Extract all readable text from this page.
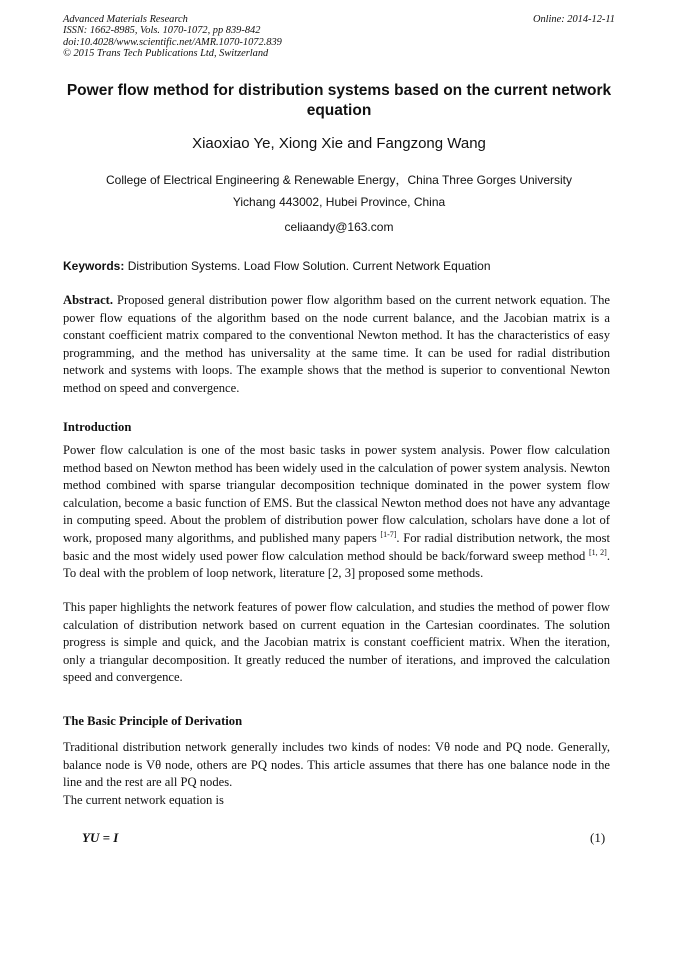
Advanced Materials Research
ISSN: 1662-8985, Vols. 1070-1072, pp 839-842
doi:10.4028/www.scientific.net/AMR.1070-1072.839
© 2015 Trans Tech Publications Ltd, Switzerland
Online: 2014-12-11
Power flow method for distribution systems based on the current network equation
Xiaoxiao Ye, Xiong Xie and Fangzong Wang
College of Electrical Engineering & Renewable Energy，China Three Gorges University
Yichang 443002, Hubei Province, China
celiaandy@163.com
Keywords: Distribution Systems. Load Flow Solution. Current Network Equation
Abstract. Proposed general distribution power flow algorithm based on the current network equation. The power flow equations of the algorithm based on the node current balance, and the Jacobian matrix is a constant coefficient matrix compared to the conventional Newton method. It has the characteristics of easy programming, and the method has universality at the same time. It can be used for radial distribution network and systems with loops. The example shows that the method is superior to conventional Newton method on speed and convergence.
Introduction
Power flow calculation is one of the most basic tasks in power system analysis. Power flow calculation method based on Newton method has been widely used in the calculation of power system analysis. Newton method combined with sparse triangular decomposition technique dominated in the power system flow calculation, become a basic function of EMS. But the classical Newton method does not have any advantage in computing speed. About the problem of distribution power flow calculation, scholars have done a lot of work, proposed many algorithms, and published many papers [1-7]. For radial distribution network, the most basic and the most widely used power flow calculation method should be back/forward sweep method [1, 2]. To deal with the problem of loop network, literature [2, 3] proposed some methods.
This paper highlights the network features of power flow calculation, and studies the method of power flow calculation of distribution network based on current equation in the Cartesian coordinates. The solution progress is simple and quick, and the Jacobian matrix is constant coefficient matrix. When the iteration, only a triangular decomposition. It greatly reduced the number of iterations, and improved the calculation speed and convergence.
The Basic Principle of Derivation
Traditional distribution network generally includes two kinds of nodes: Vθ node and PQ node. Generally, balance node is Vθ node, others are PQ nodes. This article assumes that there has one balance node in the line and the rest are all PQ nodes.
The current network equation is
YU = I	(1)
